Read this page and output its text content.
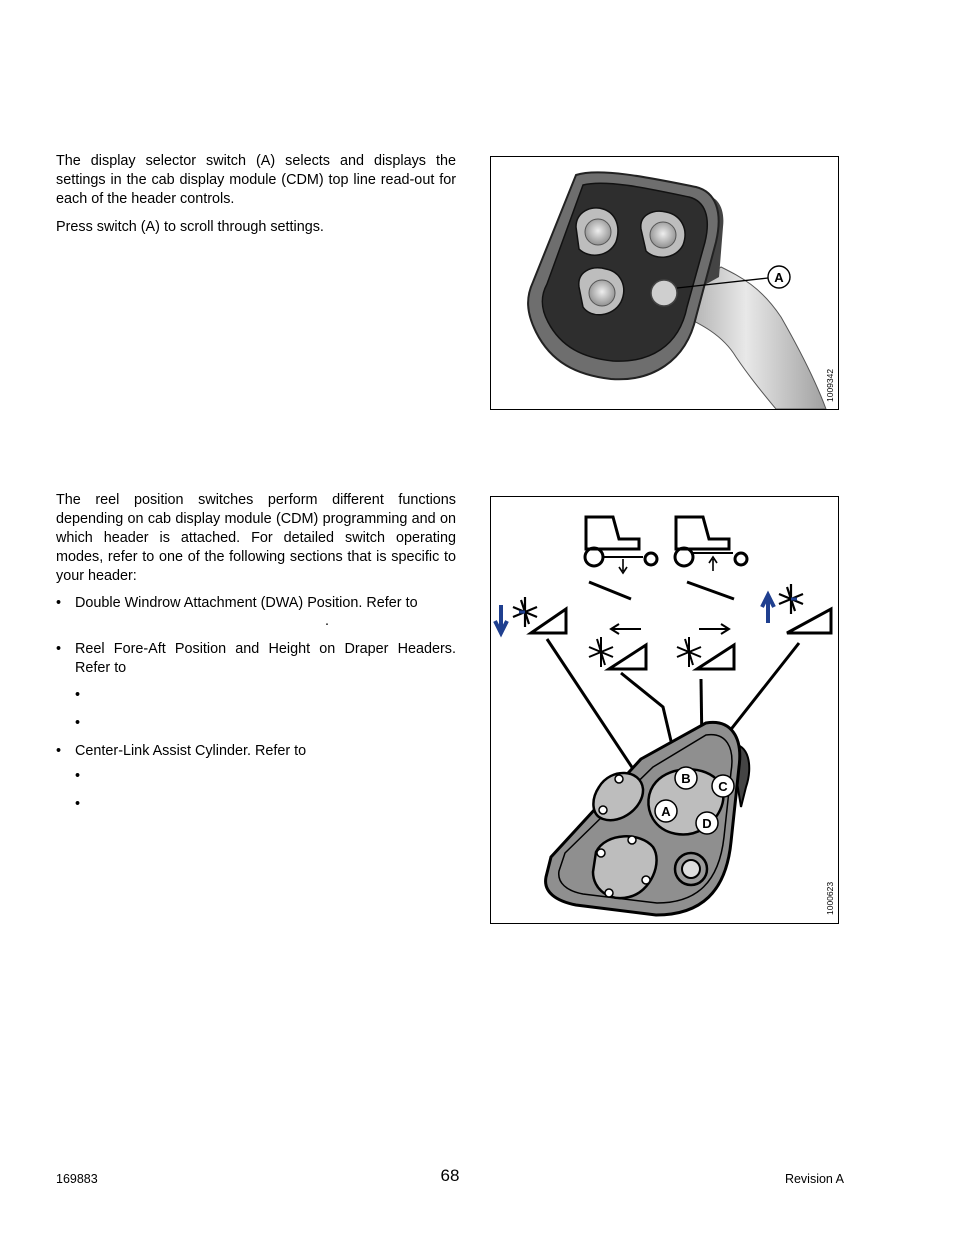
The display selector switch (A) selects and displays the settings in the cab display module (CDM) top line read-out for each of the header controls.

Press switch (A) to scroll through settings.

A
1009342

The reel position switches perform different functions depending on cab display module (CDM) programming and on which header is attached. For detailed switch operating modes, refer to one of the following sections that is specific to your header:

• Double Windrow Attachment (DWA) Position. Refer to
.
• Reel Fore-Aft Position and Height on Draper Headers. Refer to
•
•
• Center-Link Assist Cylinder. Refer to
•
•	A
B
C
D
1000623
169883	68	Revision A
